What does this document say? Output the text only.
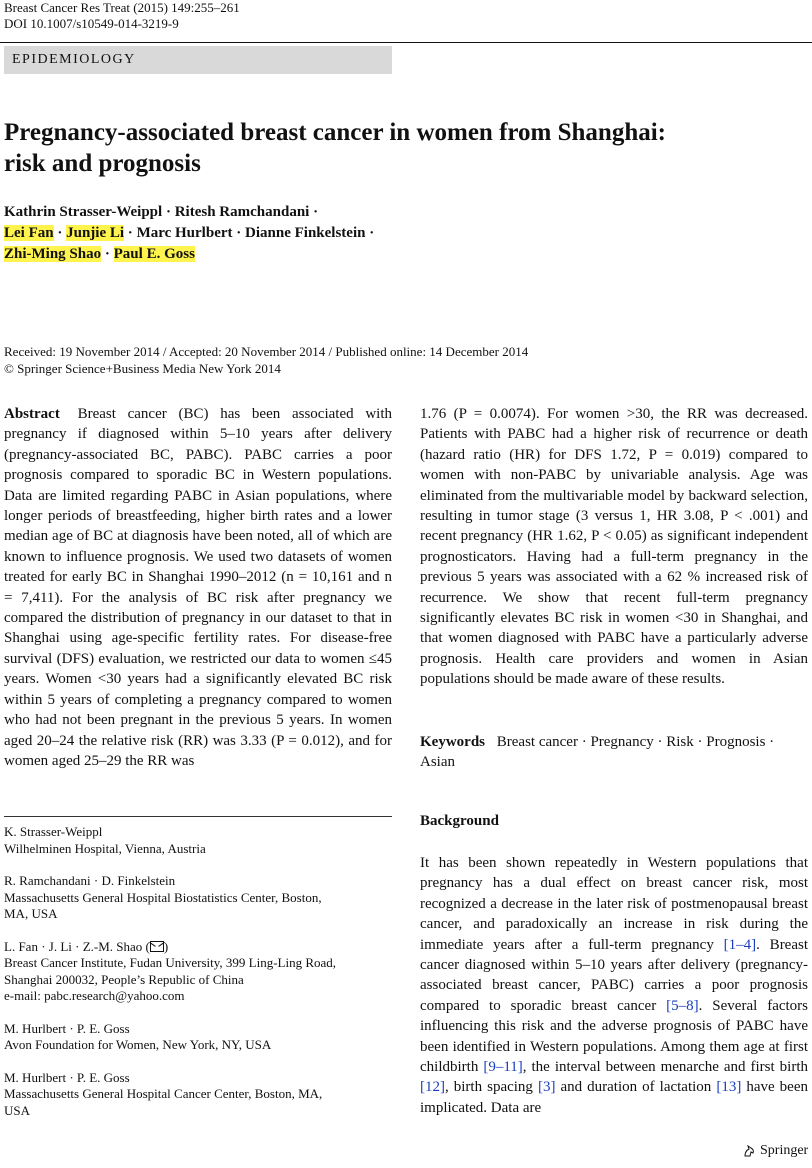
Breast Cancer Res Treat (2015) 149:255–261
DOI 10.1007/s10549-014-3219-9
EPIDEMIOLOGY
Pregnancy-associated breast cancer in women from Shanghai:
risk and prognosis
Kathrin Strasser-Weippl · Ritesh Ramchandani ·
Lei Fan · Junjie Li · Marc Hurlbert · Dianne Finkelstein ·
Zhi-Ming Shao · Paul E. Goss
Received: 19 November 2014 / Accepted: 20 November 2014 / Published online: 14 December 2014
© Springer Science+Business Media New York 2014
Abstract Breast cancer (BC) has been associated with pregnancy if diagnosed within 5–10 years after delivery (pregnancy-associated BC, PABC). PABC carries a poor prognosis compared to sporadic BC in Western populations. Data are limited regarding PABC in Asian populations, where longer periods of breastfeeding, higher birth rates and a lower median age of BC at diagnosis have been noted, all of which are known to influence prognosis. We used two datasets of women treated for early BC in Shanghai 1990–2012 (n = 10,161 and n = 7,411). For the analysis of BC risk after pregnancy we compared the distribution of pregnancy in our dataset to that in Shanghai using age-specific fertility rates. For disease-free survival (DFS) evaluation, we restricted our data to women ≤45 years. Women <30 years had a significantly elevated BC risk within 5 years of completing a pregnancy compared to women who had not been pregnant in the previous 5 years. In women aged 20–24 the relative risk (RR) was 3.33 (P = 0.012), and for women aged 25–29 the RR was
1.76 (P = 0.0074). For women >30, the RR was decreased. Patients with PABC had a higher risk of recurrence or death (hazard ratio (HR) for DFS 1.72, P = 0.019) compared to women with non-PABC by univariable analysis. Age was eliminated from the multivariable model by backward selection, resulting in tumor stage (3 versus 1, HR 3.08, P < .001) and recent pregnancy (HR 1.62, P < 0.05) as significant independent prognosticators. Having had a full-term pregnancy in the previous 5 years was associated with a 62 % increased risk of recurrence. We show that recent full-term pregnancy significantly elevates BC risk in women <30 in Shanghai, and that women diagnosed with PABC have a particularly adverse prognosis. Health care providers and women in Asian populations should be made aware of these results.
Keywords Breast cancer · Pregnancy · Risk · Prognosis · Asian

K. Strasser-Weippl
Wilhelminen Hospital, Vienna, Austria

R. Ramchandani · D. Finkelstein
Massachusetts General Hospital Biostatistics Center, Boston,
MA, USA

L. Fan · J. Li · Z.-M. Shao ( )
Breast Cancer Institute, Fudan University, 399 Ling-Ling Road,
Shanghai 200032, People’s Republic of China
e-mail: pabc.research@yahoo.com

M. Hurlbert · P. E. Goss
Avon Foundation for Women, New York, NY, USA

M. Hurlbert · P. E. Goss
Massachusetts General Hospital Cancer Center, Boston, MA,
USA

Background
It has been shown repeatedly in Western populations that pregnancy has a dual effect on breast cancer risk, most recognized a decrease in the later risk of postmenopausal breast cancer, and paradoxically an increase in risk during the immediate years after a full-term pregnancy [1–4]. Breast cancer diagnosed within 5–10 years after delivery (pregnancy-associated breast cancer, PABC) carries a poor prognosis compared to sporadic breast cancer [5–8]. Several factors influencing this risk and the adverse prognosis of PABC have been identified in Western populations. Among them age at first childbirth [9–11], the interval between menarche and first birth [12], birth spacing [3] and duration of lactation [13] have been implicated. Data are
Springer
